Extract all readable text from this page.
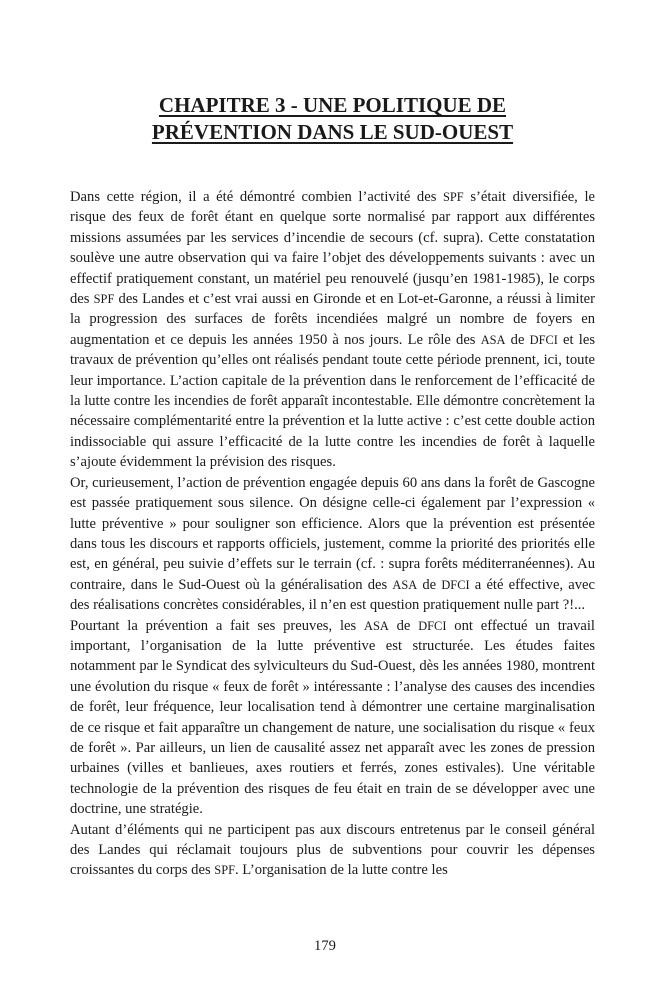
CHAPITRE 3 - UNE POLITIQUE DE
PRÉVENTION DANS LE SUD-OUEST

Dans cette région, il a été démontré combien l’activité des SPF s’était diversifiée, le risque des feux de forêt étant en quelque sorte normalisé par rapport aux différentes missions assumées par les services d’incendie de secours (cf. supra). Cette constatation soulève une autre observation qui va faire l’objet des développements suivants : avec un effectif pratiquement constant, un matériel peu renouvelé (jusqu’en 1981-1985), le corps des SPF des Landes et c’est vrai aussi en Gironde et en Lot-et-Garonne, a réussi à limiter la progression des surfaces de forêts incendiées malgré un nombre de foyers en augmentation et ce depuis les années 1950 à nos jours. Le rôle des ASA de DFCI et les travaux de prévention qu’elles ont réalisés pendant toute cette période prennent, ici, toute leur importance. L’action capitale de la prévention dans le renforcement de l’efficacité de la lutte contre les incendies de forêt apparaît incontestable. Elle démontre concrètement la nécessaire complémentarité entre la prévention et la lutte active : c’est cette double action indissociable qui assure l’efficacité de la lutte contre les incendies de forêt à laquelle s’ajoute évidemment la prévision des risques.

Or, curieusement, l’action de prévention engagée depuis 60 ans dans la forêt de Gascogne est passée pratiquement sous silence. On désigne celle-ci également par l’expression « lutte préventive » pour souligner son efficience. Alors que la prévention est présentée dans tous les discours et rapports officiels, justement, comme la priorité des priorités elle est, en général, peu suivie d’effets sur le terrain (cf. : supra forêts méditerranéennes). Au contraire, dans le Sud-Ouest où la généralisation des ASA de DFCI a été effective, avec des réalisations concrètes considérables, il n’en est question pratiquement nulle part ?!...

Pourtant la prévention a fait ses preuves, les ASA de DFCI ont effectué un travail important, l’organisation de la lutte préventive est structurée. Les études faites notamment par le Syndicat des sylviculteurs du Sud-Ouest, dès les années 1980, montrent une évolution du risque « feux de forêt » intéressante : l’analyse des causes des incendies de forêt, leur fréquence, leur localisation tend à démontrer une certaine marginalisation de ce risque et fait apparaître un changement de nature, une socialisation du risque « feux de forêt ». Par ailleurs, un lien de causalité assez net apparaît avec les zones de pression urbaines (villes et banlieues, axes routiers et ferrés, zones estivales). Une véritable technologie de la prévention des risques de feu était en train de se développer avec une doctrine, une stratégie.

Autant d’éléments qui ne participent pas aux discours entretenus par le conseil général des Landes qui réclamait toujours plus de subventions pour couvrir les dépenses croissantes du corps des SPF. L’organisation de la lutte contre les

179
